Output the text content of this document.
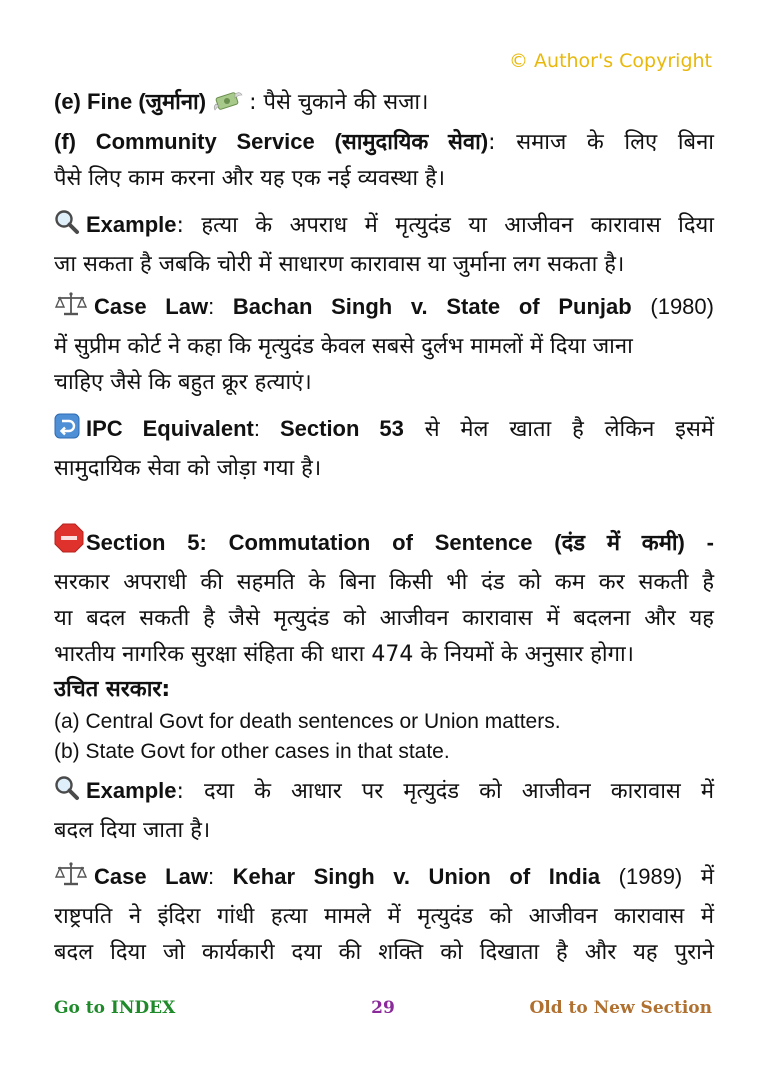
© Author's Copyright

(e) Fine (जुर्माना) : पैसे चुकाने की सजा।

(f) Community Service (सामुदायिक सेवा): समाज के लिए बिना

पैसे लिए काम करना और यह एक नई व्यवस्था है।

Example: हत्या के अपराध में मृत्युदंड या आजीवन कारावास दिया

जा सकता है जबकि चोरी में साधारण कारावास या जुर्माना लग सकता है।

Case Law: Bachan Singh v. State of Punjab (1980)

में सुप्रीम कोर्ट ने कहा कि मृत्युदंड केवल सबसे दुर्लभ मामलों में दिया जाना

चाहिए जैसे कि बहुत क्रूर हत्याएं।

IPC Equivalent: Section 53 से मेल खाता है लेकिन इसमें

सामुदायिक सेवा को जोड़ा गया है।

Section 5: Commutation of Sentence (दंड में कमी) -

सरकार अपराधी की सहमति के बिना किसी भी दंड को कम कर सकती है

या बदल सकती है जैसे मृत्युदंड को आजीवन कारावास में बदलना और यह

भारतीय नागरिक सुरक्षा संहिता की धारा 474 के नियमों के अनुसार होगा।

उचित सरकार:

(a) Central Govt for death sentences or Union matters.

(b) State Govt for other cases in that state.

Example: दया के आधार पर मृत्युदंड को आजीवन कारावास में

बदल दिया जाता है।

Case Law: Kehar Singh v. Union of India (1989) में

राष्ट्रपति ने इंदिरा गांधी हत्या मामले में मृत्युदंड को आजीवन कारावास में

बदल दिया जो कार्यकारी दया की शक्ति को दिखाता है और यह पुराने

Go to INDEX	29	Old to New Section
